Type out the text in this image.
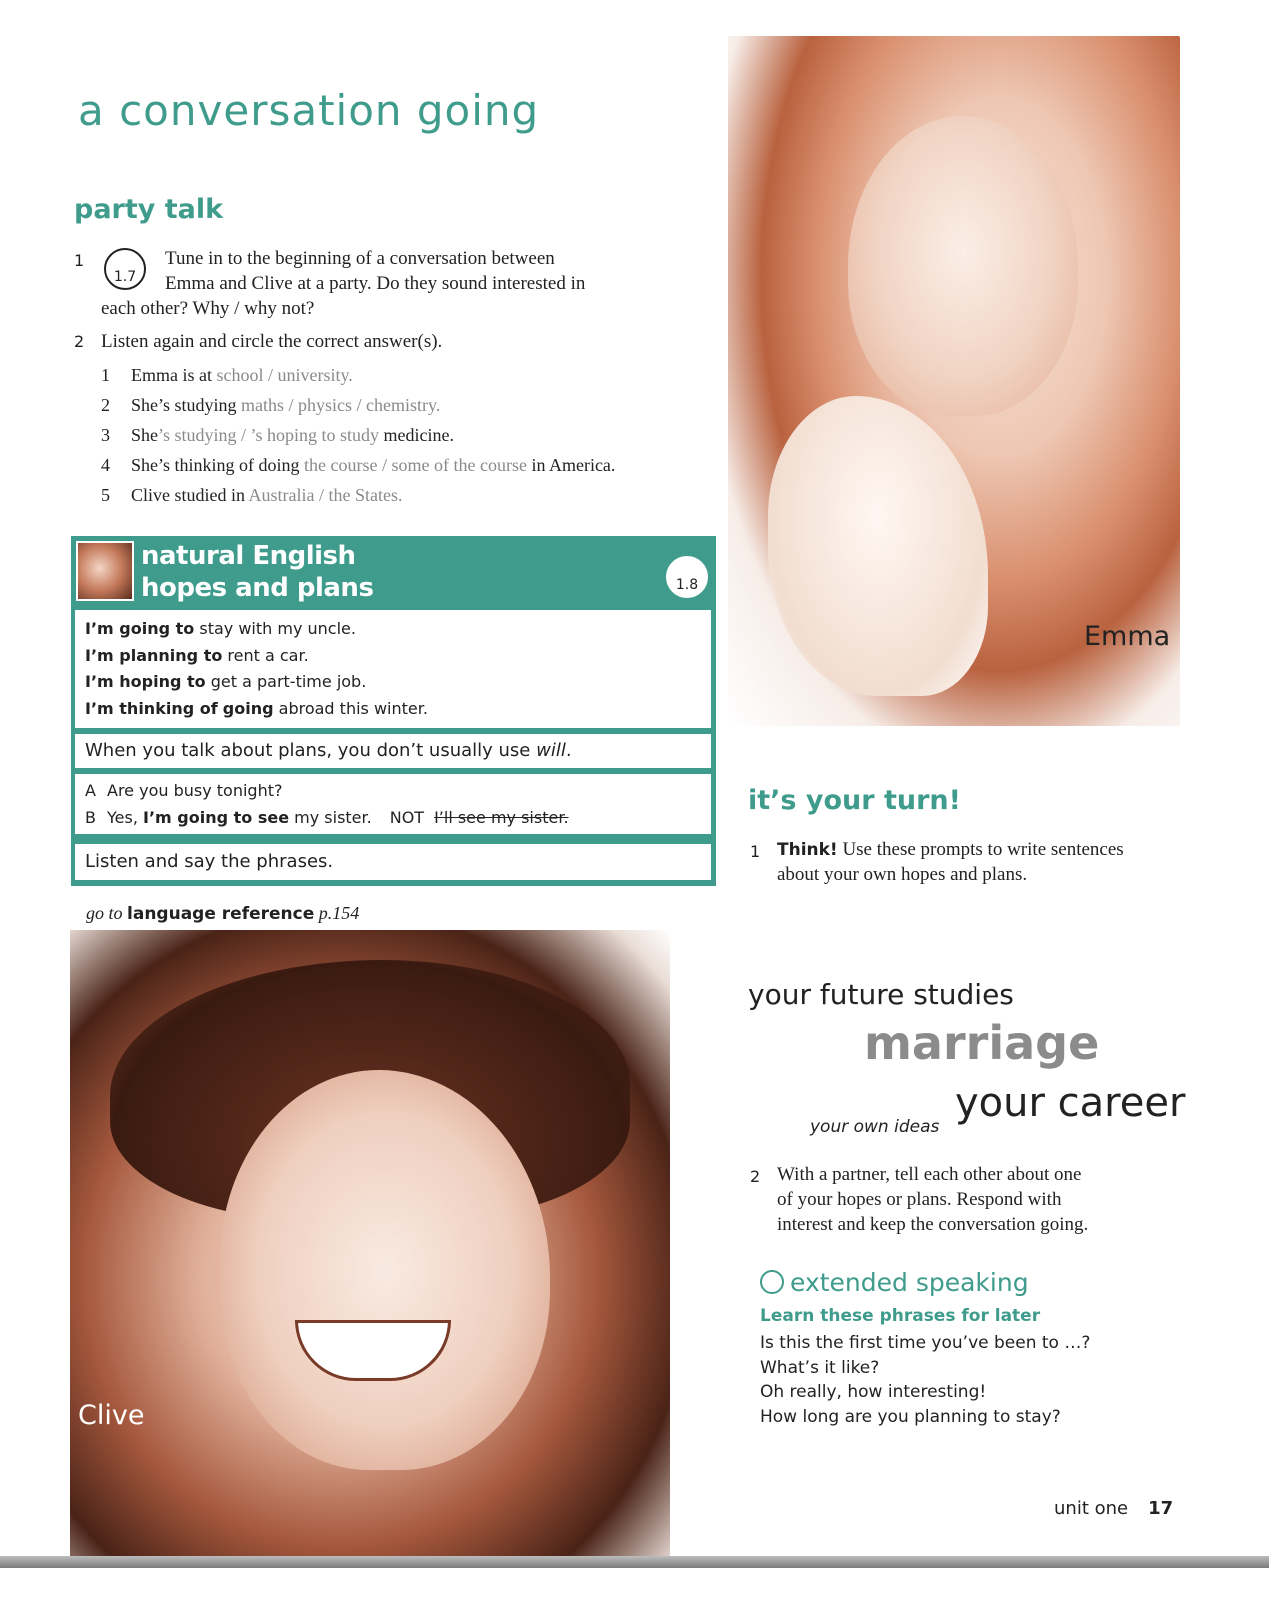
Emma
Clive
a conversation going
party talk
1
1.7
Tune in to the beginning of a conversation between
Emma and Clive at a party. Do they sound interested in
each other? Why / why not?
2 Listen again and circle the correct answer(s).
1 Emma is at school / university.
2 She’s studying maths / physics / chemistry.
3 She’s studying / ’s hoping to study medicine.
4 She’s thinking of doing the course / some of the course in America.
5 Clive studied in Australia / the States.
natural English
hopes and plans	1.8
I’m going to stay with my uncle.
I’m planning to rent a car.
I’m hoping to get a part-time job.
I’m thinking of going abroad this winter.
When you talk about plans, you don’t usually use will.
A Are you busy tonight?
B Yes, I’m going to see my sister. NOT I’ll see my sister.
Listen and say the phrases.
go to language reference p.154
it’s your turn!
1 Think! Use these prompts to write sentences
about your own hopes and plans.
your future studies
marriage
your own ideas
your career
2 With a partner, tell each other about one
of your hopes or plans. Respond with
interest and keep the conversation going.
extended speaking
Learn these phrases for later
Is this the first time you’ve been to …?
What’s it like?
Oh really, how interesting!
How long are you planning to stay?
unit one 17
